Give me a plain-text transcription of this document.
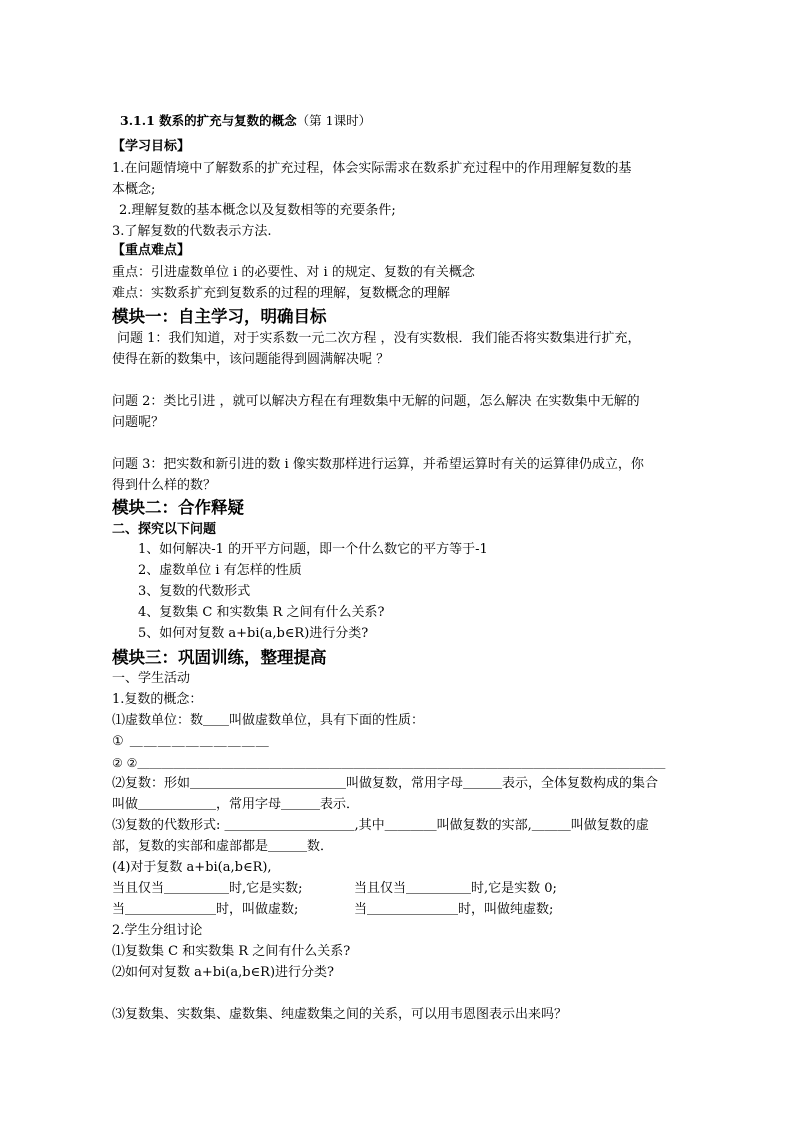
3.1.1 数系的扩充与复数的概念（第 1课时）
【学习目标】
1.在问题情境中了解数系的扩充过程，体会实际需求在数系扩充过程中的作用理解复数的基
本概念;
2.理解复数的基本概念以及复数相等的充要条件;
3.了解复数的代数表示方法.
【重点难点】
重点：引进虚数单位 i 的必要性、对 i 的规定、复数的有关概念
难点：实数系扩充到复数系的过程的理解，复数概念的理解
模块一：自主学习，明确目标
问题 1：我们知道，对于实系数一元二次方程 ，没有实数根．我们能否将实数集进行扩充，
使得在新的数集中，该问题能得到圆满解决呢 ？
问题 2：类比引进 ，就可以解决方程在有理数集中无解的问题，怎么解决 在实数集中无解的
问题呢？
问题 3：把实数和新引进的数 i 像实数那样进行运算，并希望运算时有关的运算律仍成立，你
得到什么样的数？
模块二：合作释疑
二、探究以下问题
1、如何解决-1 的开平方问题，即一个什么数它的平方等于-1
2、虚数单位 i 有怎样的性质
3、复数的代数形式
4、复数集 C 和实数集 R 之间有什么关系?
5、如何对复数 a+bi(a,b∈R)进行分类?
模块三：巩固训练，整理提高
一、学生活动
1.复数的概念：
⑴虚数单位：数＿＿叫做虚数单位，具有下面的性质：
① ＿＿＿＿＿＿＿＿＿＿
② ②＿＿＿＿＿＿＿＿＿＿＿＿＿＿＿＿＿＿＿＿＿＿＿＿＿＿＿＿＿＿＿＿＿＿＿＿＿＿＿＿＿＿＿＿
⑵复数：形如＿＿＿＿＿＿＿＿＿＿＿＿叫做复数，常用字母＿＿＿表示，全体复数构成的集合
叫做＿＿＿＿＿＿，常用字母＿＿＿表示．
⑶复数的代数形式: ＿＿＿＿＿＿＿＿＿＿,其中＿＿＿＿叫做复数的实部,＿＿＿叫做复数的虚
部，复数的实部和虚部都是＿＿＿数．
(4)对于复数 a+bi(a,b∈R),
当且仅当＿＿＿＿＿时,它是实数;	当且仅当＿＿＿＿＿时,它是实数 0;
当＿＿＿＿＿＿＿时，叫做虚数;	当＿＿＿＿＿＿＿时，叫做纯虚数;
2.学生分组讨论
⑴复数集 C 和实数集 R 之间有什么关系?
⑵如何对复数 a+bi(a,b∈R)进行分类?
⑶复数集、实数集、虚数集、纯虚数集之间的关系，可以用韦恩图表示出来吗？
